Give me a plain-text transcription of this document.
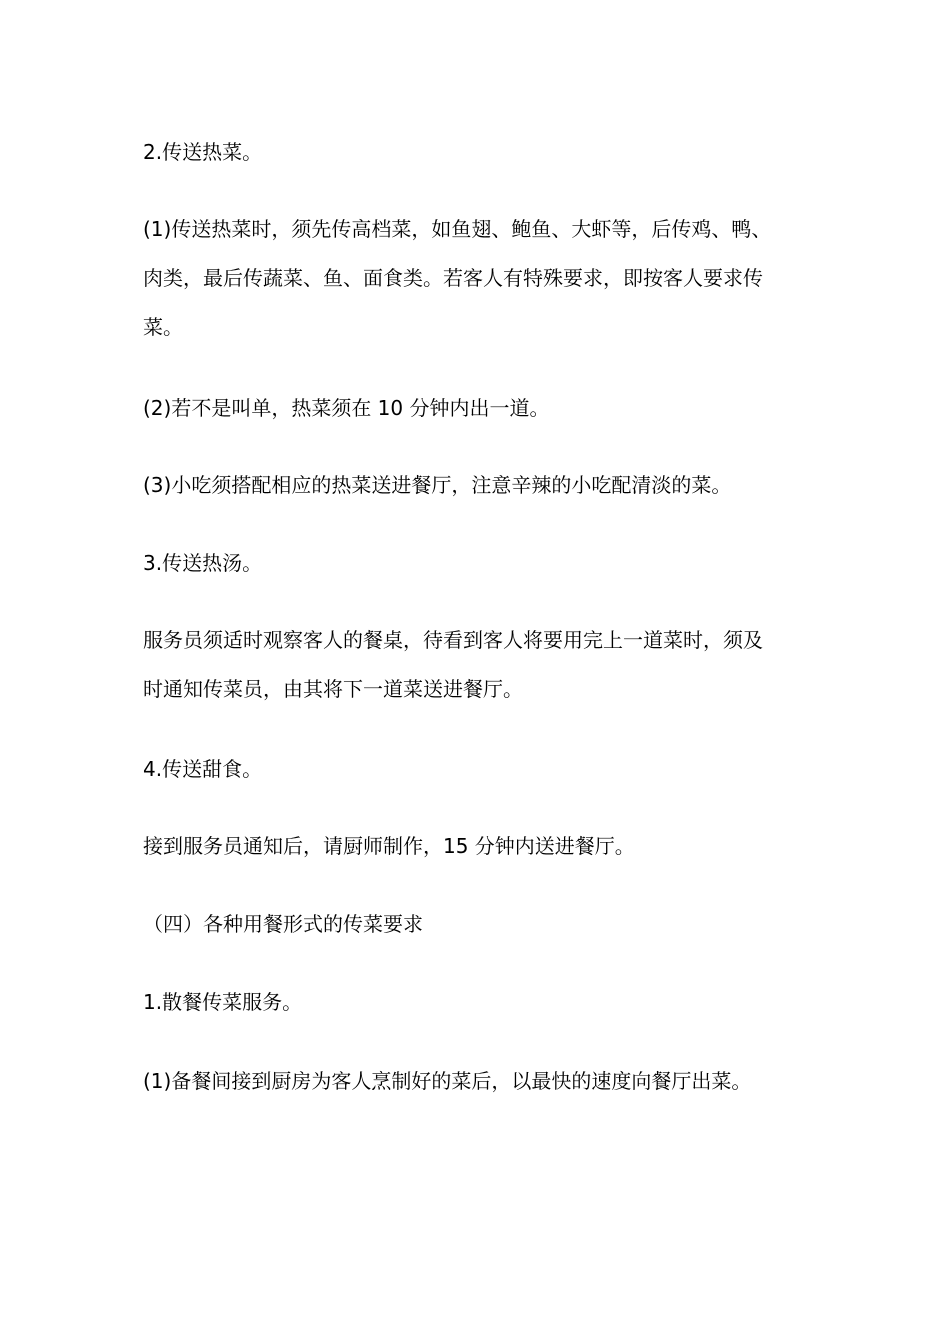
2.传送热菜。
(1)传送热菜时，须先传高档菜，如鱼翅、鲍鱼、大虾等，后传鸡、鸭、
肉类，最后传蔬菜、鱼、面食类。若客人有特殊要求，即按客人要求传
菜。
(2)若不是叫单，热菜须在 10 分钟内出一道。
(3)小吃须搭配相应的热菜送进餐厅，注意辛辣的小吃配清淡的菜。
3.传送热汤。
服务员须适时观察客人的餐桌，待看到客人将要用完上一道菜时，须及
时通知传菜员，由其将下一道菜送进餐厅。
4.传送甜食。
接到服务员通知后，请厨师制作，15 分钟内送进餐厅。
（四）各种用餐形式的传菜要求
1.散餐传菜服务。
(1)备餐间接到厨房为客人烹制好的菜后，以最快的速度向餐厅出菜。
